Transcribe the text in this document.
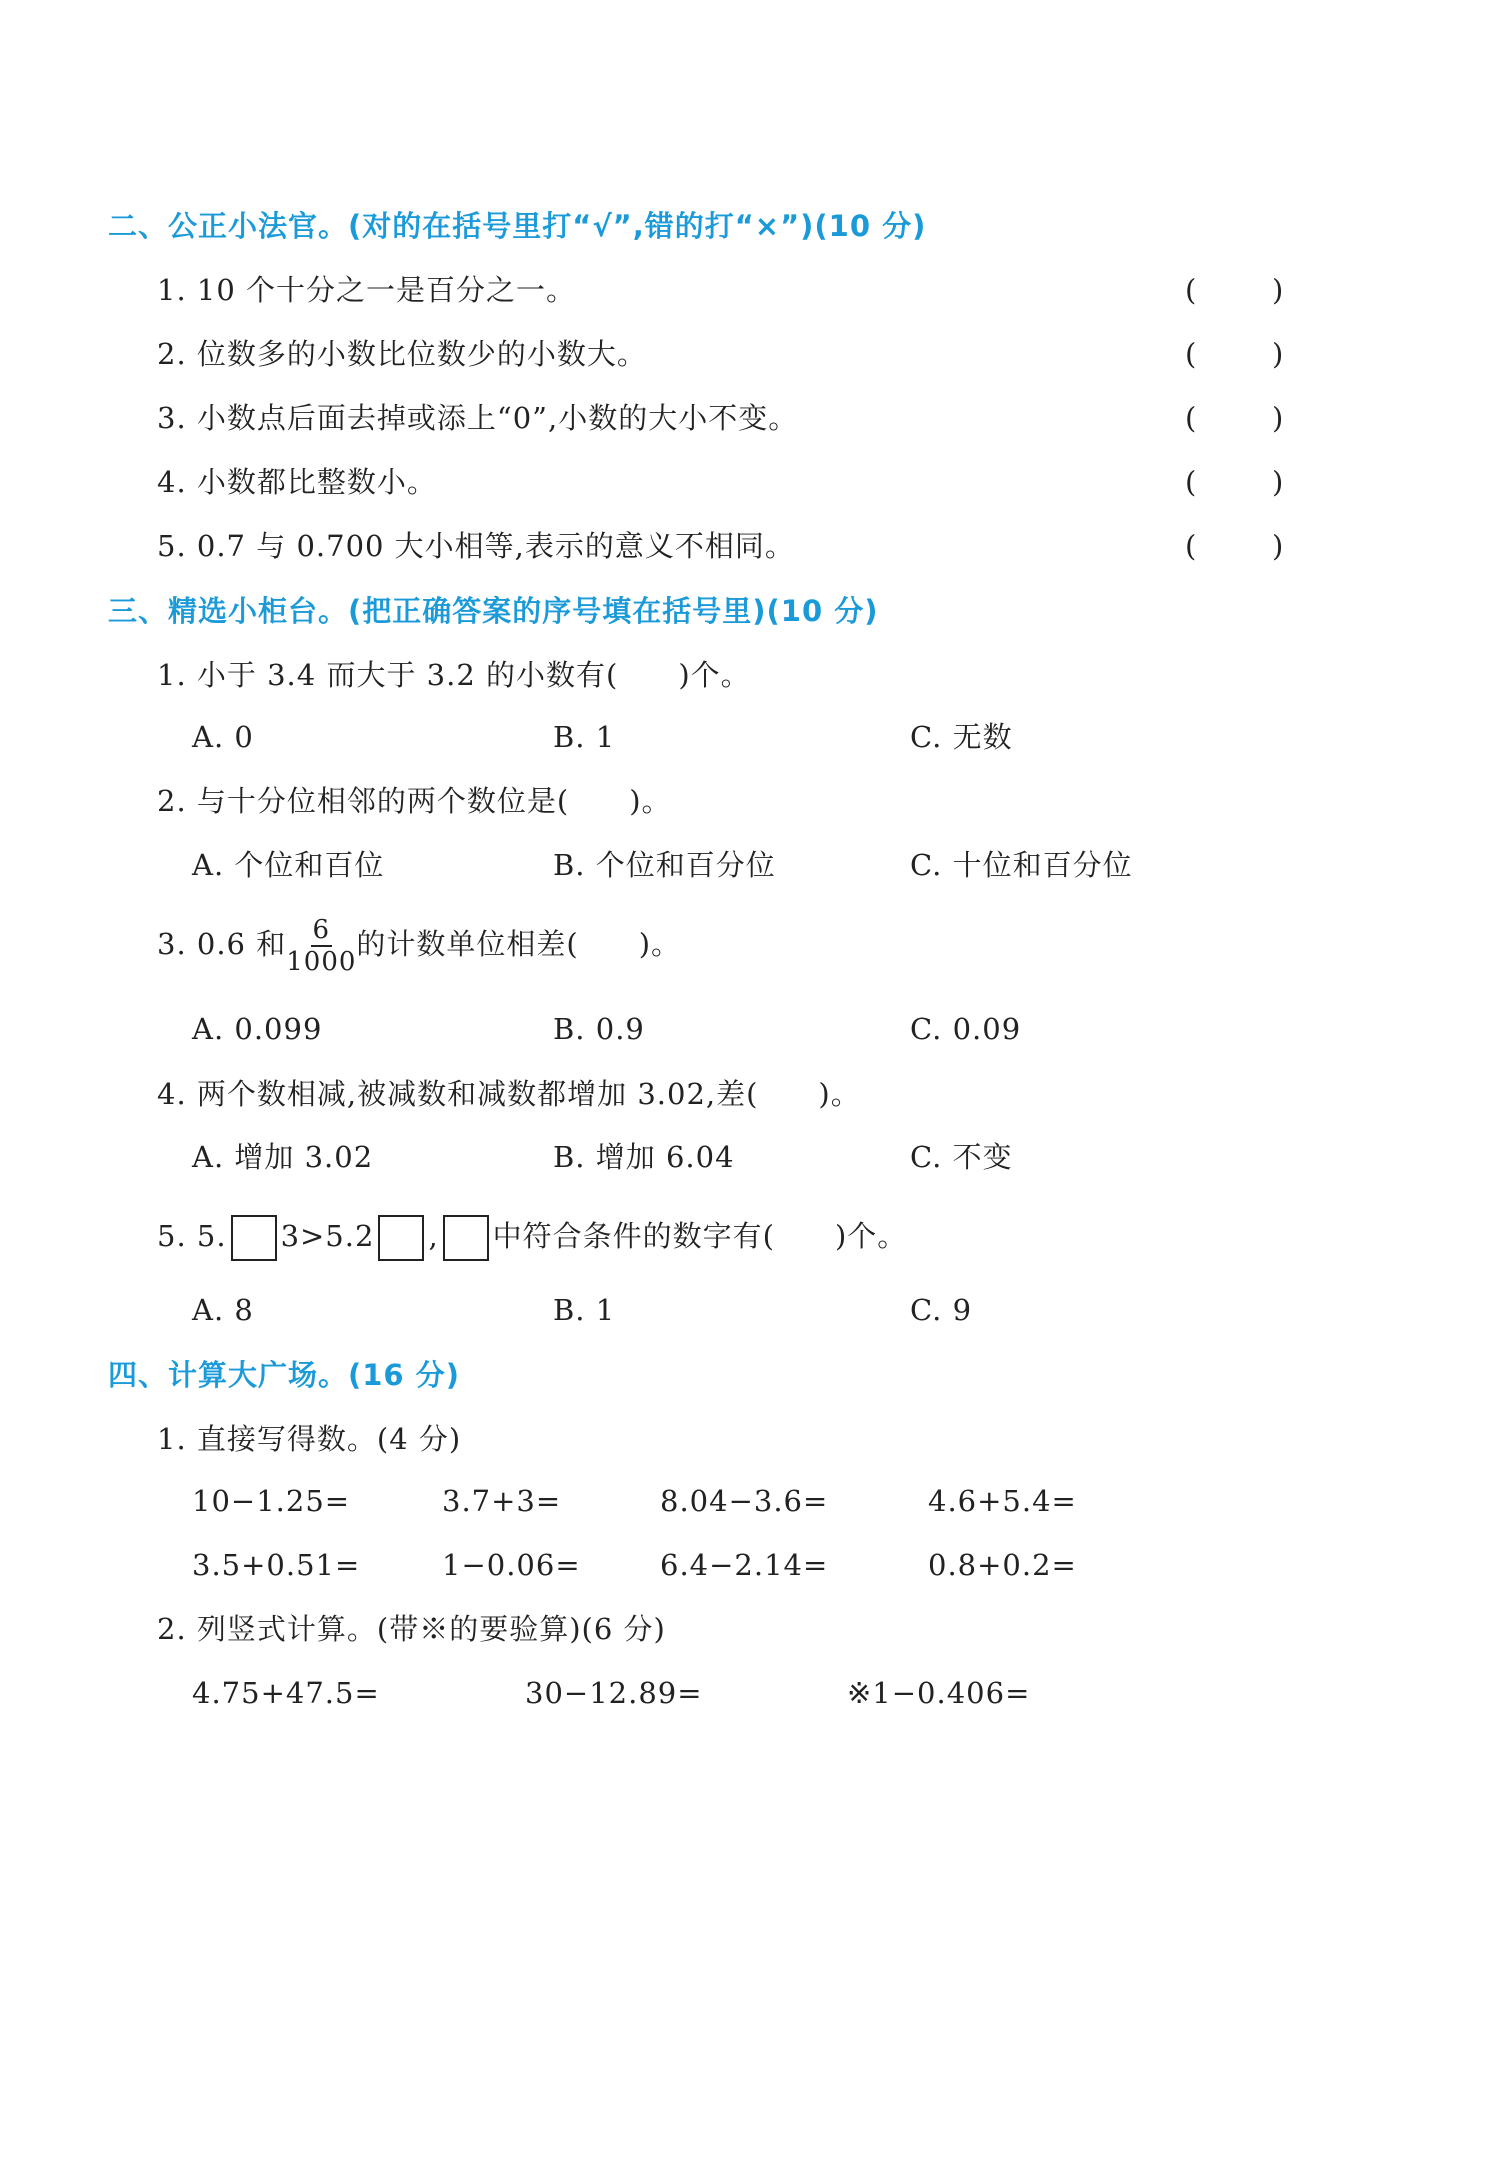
二、公正小法官。(对的在括号里打“√”,错的打“×”)(10 分)
1. 10 个十分之一是百分之一。	(	)
2. 位数多的小数比位数少的小数大。	(	)
3. 小数点后面去掉或添上“0”,小数的大小不变。	(	)
4. 小数都比整数小。	(	)
5. 0.7 与 0.700 大小相等,表示的意义不相同。	(	)
三、精选小柜台。(把正确答案的序号填在括号里)(10 分)
1. 小于 3.4 而大于 3.2 的小数有(　　)个。
2. 与十分位相邻的两个数位是(　　)。
3. 0.6 和 $\frac{6}{1000}$ 的计数单位相差(　　)。
4. 两个数相减,被减数和减数都增加 3.02,差(　　)。
5. 5. 3>5.2 , 中符合条件的数字有(　　)个。
A. 0	B. 1	C. 无数
A. 个位和百位	B. 个位和百分位	C. 十位和百分位
A. 0.099	B. 0.9	C. 0.09
A. 增加 3.02	B. 增加 6.04	C. 不变
A. 8	B. 1	C. 9
四、计算大广场。(16 分)
1. 直接写得数。(4 分)
10−1.25=	3.7+3=	8.04−3.6=	4.6+5.4=
3.5+0.51=	1−0.06=	6.4−2.14=	0.8+0.2=
4.75+47.5=	30−12.89=	※1−0.406=
2. 列竖式计算。(带※的要验算)(6 分)
